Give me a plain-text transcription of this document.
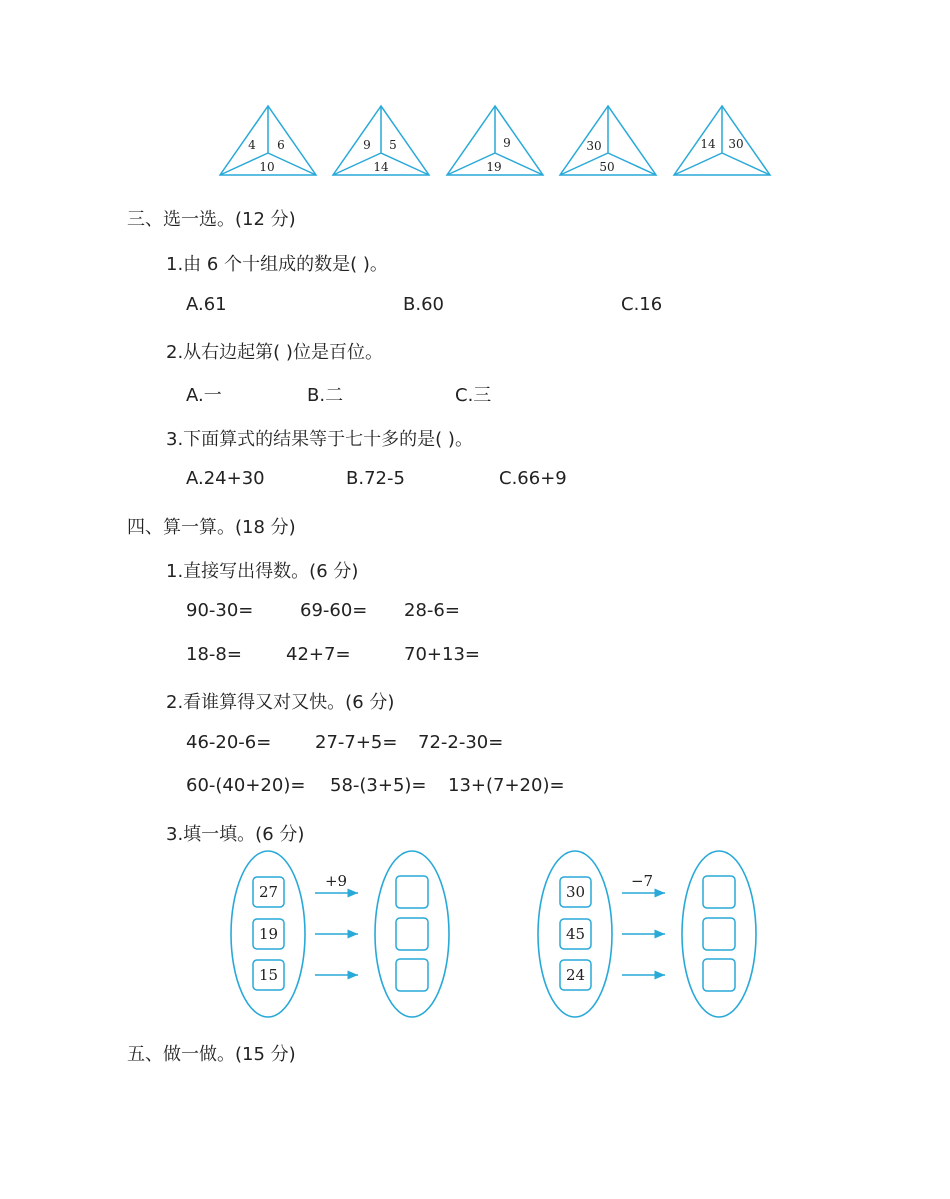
4 6
10
9 5
14
9
19
30
50
14 30
三、选一选。(12 分)
1.由 6 个十组成的数是( )。
A.61	B.60	C.16
2.从右边起第( )位是百位。
A.一	B.二	C.三
3.下面算式的结果等于七十多的是( )。
A.24+30	B.72-5	C.66+9
四、算一算。(18 分)
1.直接写出得数。(6 分)
90-30=	69-60= 28-6=
18-8= 42+7=	70+13=
2.看谁算得又对又快。(6 分)
46-20-6= 27-7+5= 72-2-30=
60-(40+20)= 58-(3+5)= 13+(7+20)=
3.填一填。(6 分)
27
19
15
+9
30
45
24
−7
五、做一做。(15 分)
